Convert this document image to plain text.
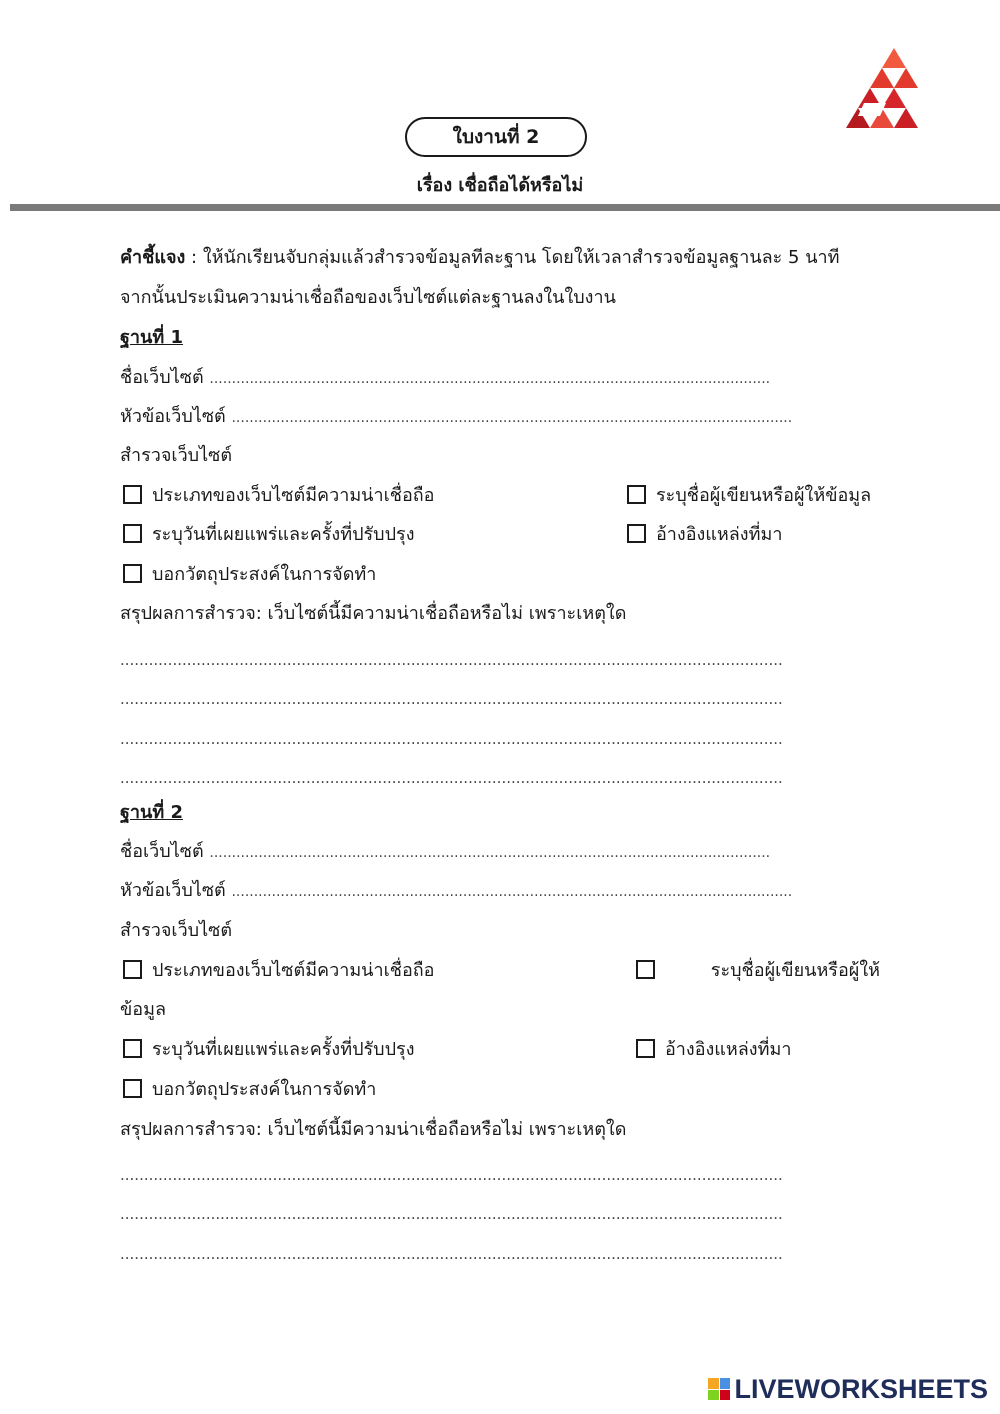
ใบงานที่ 2
เรื่อง เชื่อถือได้หรือไม่
คำชี้แจง : ให้นักเรียนจับกลุ่มแล้วสำรวจข้อมูลทีละฐาน โดยให้เวลาสำรวจข้อมูลฐานละ 5 นาที
จากนั้นประเมินความน่าเชื่อถือของเว็บไซต์แต่ละฐานลงในใบงาน
ฐานที่ 1
ชื่อเว็บไซต์ ..............................................................................................................................
หัวข้อเว็บไซต์ ..............................................................................................................................
สำรวจเว็บไซต์
ประเภทของเว็บไซต์มีความน่าเชื่อถือ	ระบุชื่อผู้เขียนหรือผู้ให้ข้อมูล
ระบุวันที่เผยแพร่และครั้งที่ปรับปรุง	อ้างอิงแหล่งที่มา
บอกวัตถุประสงค์ในการจัดทำ
สรุปผลการสำรวจ: เว็บไซต์นี้มีความน่าเชื่อถือหรือไม่ เพราะเหตุใด
...........................................................................................................................................
...........................................................................................................................................
...........................................................................................................................................
...........................................................................................................................................
ฐานที่ 2
ชื่อเว็บไซต์ ..............................................................................................................................
หัวข้อเว็บไซต์ ..............................................................................................................................
สำรวจเว็บไซต์
ประเภทของเว็บไซต์มีความน่าเชื่อถือ	ระบุชื่อผู้เขียนหรือผู้ให้
ข้อมูล
ระบุวันที่เผยแพร่และครั้งที่ปรับปรุง	อ้างอิงแหล่งที่มา
บอกวัตถุประสงค์ในการจัดทำ
สรุปผลการสำรวจ: เว็บไซต์นี้มีความน่าเชื่อถือหรือไม่ เพราะเหตุใด
...........................................................................................................................................
...........................................................................................................................................
...........................................................................................................................................
LIVEWORKSHEETS
